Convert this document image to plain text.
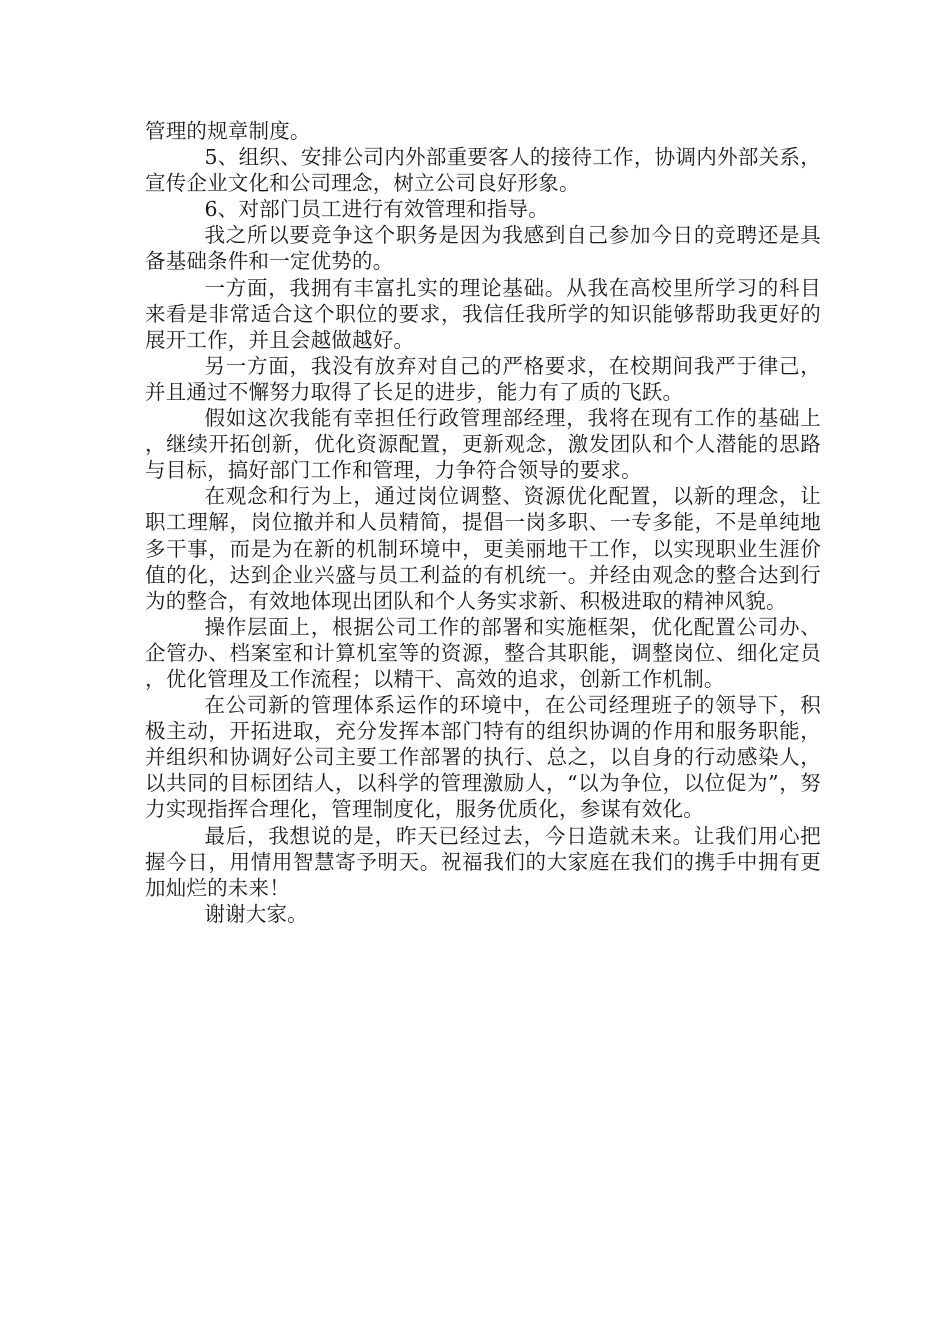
管理的规章制度。

5、组织、安排公司内外部重要客人的接待工作，协调内外部关系，宣传企业文化和公司理念，树立公司良好形象。

6、对部门员工进行有效管理和指导。

我之所以要竞争这个职务是因为我感到自己参加今日的竞聘还是具备基础条件和一定优势的。

一方面，我拥有丰富扎实的理论基础。从我在高校里所学习的科目来看是非常适合这个职位的要求，我信任我所学的知识能够帮助我更好的展开工作，并且会越做越好。

另一方面，我没有放弃对自己的严格要求，在校期间我严于律己，并且通过不懈努力取得了长足的进步，能力有了质的飞跃。

假如这次我能有幸担任行政管理部经理，我将在现有工作的基础上，继续开拓创新，优化资源配置，更新观念，激发团队和个人潜能的思路与目标，搞好部门工作和管理，力争符合领导的要求。

在观念和行为上，通过岗位调整、资源优化配置，以新的理念，让职工理解，岗位撤并和人员精简，提倡一岗多职、一专多能，不是单纯地多干事，而是为在新的机制环境中，更美丽地干工作，以实现职业生涯价值的化，达到企业兴盛与员工利益的有机统一。并经由观念的整合达到行为的整合，有效地体现出团队和个人务实求新、积极进取的精神风貌。

操作层面上，根据公司工作的部署和实施框架，优化配置公司办、企管办、档案室和计算机室等的资源，整合其职能，调整岗位、细化定员，优化管理及工作流程；以精干、高效的追求，创新工作机制。

在公司新的管理体系运作的环境中，在公司经理班子的领导下，积极主动，开拓进取，充分发挥本部门特有的组织协调的作用和服务职能，并组织和协调好公司主要工作部署的执行、总之，以自身的行动感染人，以共同的目标团结人，以科学的管理激励人，“以为争位，以位促为”，努力实现指挥合理化，管理制度化，服务优质化，参谋有效化。

最后，我想说的是，昨天已经过去，今日造就未来。让我们用心把握今日，用情用智慧寄予明天。祝福我们的大家庭在我们的携手中拥有更加灿烂的未来！

谢谢大家。
